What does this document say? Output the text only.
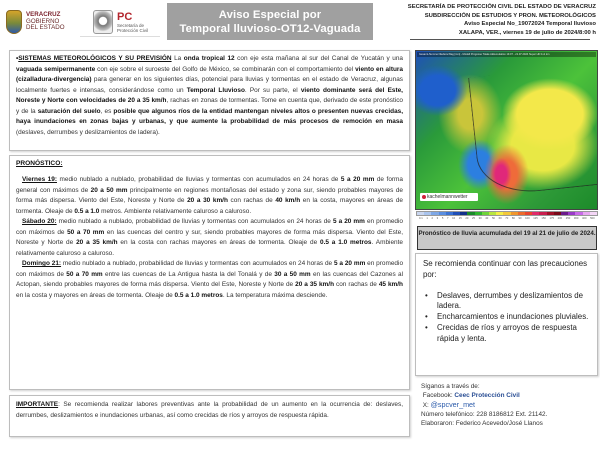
VERACRUZ
GOBIERNO
DEL ESTADO
PC
Secretaría de
Protección Civil
Aviso Especial por
Temporal lluvioso-OT12-Vaguada
SECRETARÍA DE PROTECCIÓN CIVIL DEL ESTADO DE VERACRUZ
SUBDIRECCIÓN DE ESTUDIOS Y PRON. METEOROLÓGICOS
Aviso Especial No_19072024 Temporal lluvioso
XALAPA, VER., viernes 19 de julio de 2024/8:00 h

•SISTEMAS METEOROLÓGICOS Y SU PREVISIÓN La onda tropical 12 con eje esta mañana al sur del Canal de Yucatán y una vaguada semipermanente con eje sobre el suroeste del Golfo de México, se combinarán con el comportamiento del viento en altura (cizalladura-divergencia) para generar en los siguientes días, potencial para lluvias y tormentas en el estado de Veracruz, algunas localmente fuertes e intensas, considerándose como un Temporal Lluvioso. Por su parte, el viento dominante será del Este, Noreste y Norte con velocidades de 20 a 35 km/h, rachas en zonas de tormentas. Tome en cuenta que, derivado de este pronóstico y de la saturación del suelo, es posible que algunos ríos de la entidad mantengan niveles altos o presenten nuevas crecidas, haya inundaciones en zonas bajas y urbanas, y que aumente la probabilidad de más procesos de remoción en masa (deslaves, derrumbes y deslizamientos de ladera).

PRONÓSTICO:

Viernes 19: medio nublado a nublado, probabilidad de lluvias y tormentas con acumulados en 24 horas de 5 a 20 mm de forma general con máximos de 20 a 50 mm principalmente en regiones montañosas del estado y zona sur, siendo probables mayores de forma más dispersa. Viento del Este, Noreste y Norte de 20 a 30 km/h con rachas de 40 km/h en la costa, mayores en áreas de tormenta. Oleaje de 0.5 a 1.0 metros. Ambiente relativamente caluroso a caluroso.

Sábado 20: medio nublado a nublado, probabilidad de lluvias y tormentas con acumulados en 24 horas de 5 a 20 mm en promedio con máximos de 50 a 70 mm en las cuencas del centro y sur, siendo probables mayores de forma más dispersa. Viento del Este, Noreste y Norte de 20 a 35 km/h en la costa con rachas mayores en áreas de tormenta. Oleaje de 0.5 a 1.0 metros. Ambiente relativamente caluroso a caluroso.

Domingo 21: medio nublado a nublado, probabilidad de lluvias y tormentas con acumulados en 24 horas de 5 a 20 mm en promedio con máximos de 50 a 70 mm entre las cuencas de La Antigua hasta la del Tonalá y de 30 a 50 mm en las cuencas del Cazones al Actopan, siendo probables mayores de forma más dispersa. Viento del Este, Noreste y Norte de 20 a 35 km/h con rachas de 45 km/h en la costa y mayores en áreas de tormenta. Oleaje de 0.5 a 1.0 metros. La temperatura máxima desciende.

IMPORTANTE: Se recomienda realizar labores preventivas ante la probabilidad de un aumento en la ocurrencia de: deslaves, derrumbes, deslizamientos e inundaciones urbanas, así como crecidas de ríos y arroyos de respuesta rápida.

Gesamt-Summe Niederschlag [mm] - Modell Prognose Totale Akkumulation 19.07 - 21.07.2024 Super HD 1x1 km
kachelmannwetter
0.1 1 2 3 5 7 10 15 20 25 30 40 50 60 70 80 90 100 125 150 175 200 250 300 400 500
Pronóstico de lluvia acumulada del 19 al 21 de julio de 2024.
Se recomienda continuar con las precauciones por:
• Deslaves, derrumbes y deslizamientos de ladera.
• Encharcamientos e inundaciones pluviales.
• Crecidas de ríos y arroyos de respuesta rápida y lenta.
Síganos a través de:
Facebook: Ceec Protección Civil
X: @spcver_met
Número telefónico: 228 8186812 Ext. 21142.
Elaboraron: Federico Acevedo/José Llanos
